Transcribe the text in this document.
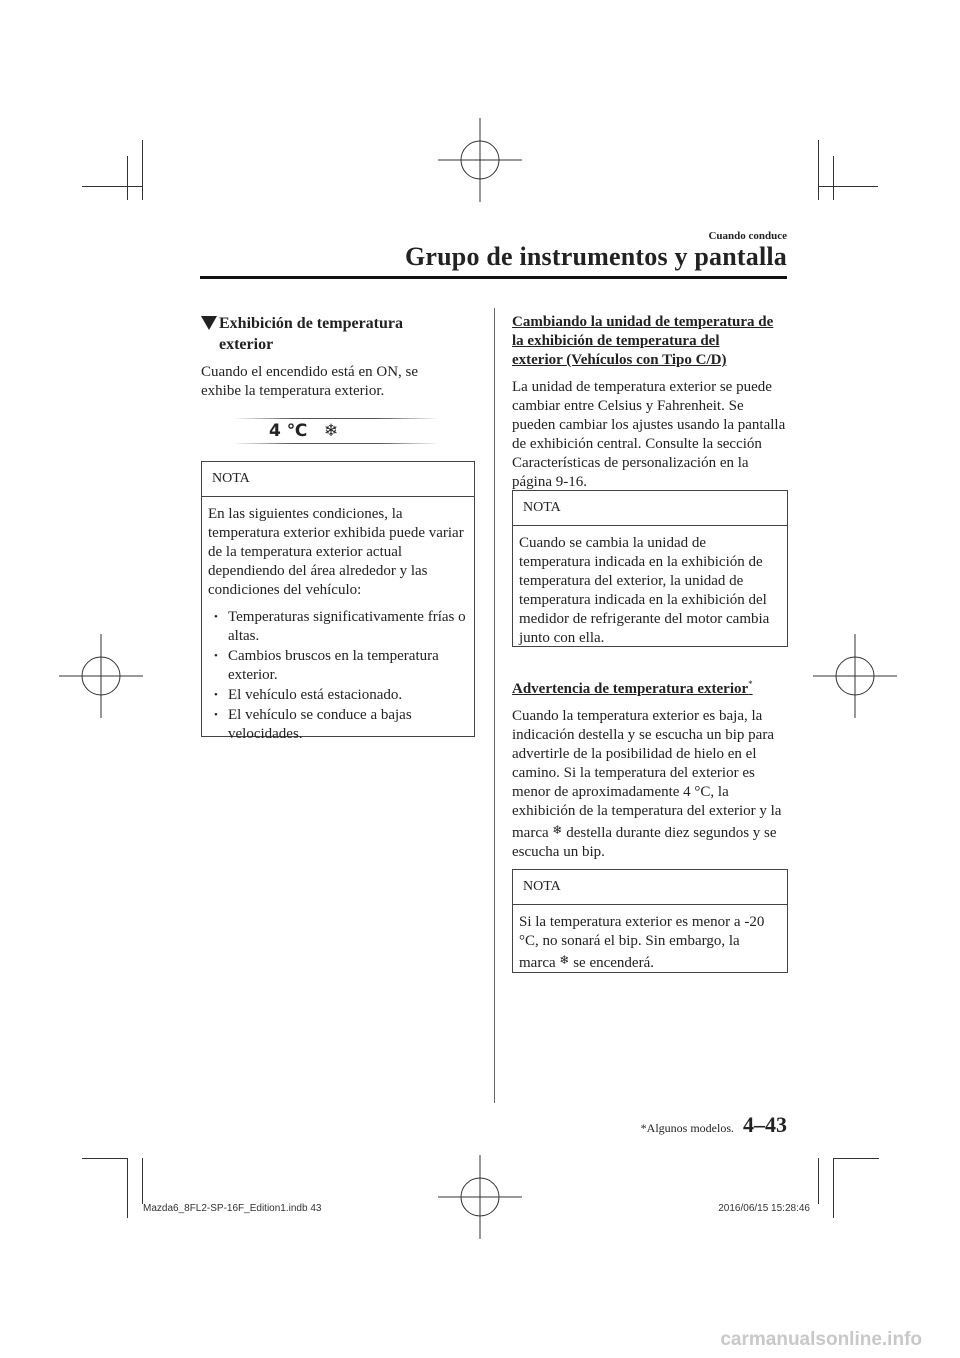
Cuando conduce
Grupo de instrumentos y pantalla
Exhibición de temperatura exterior
Cuando el encendido está en ON, se exhibe la temperatura exterior.
4 ℃ ❄
NOTA
En las siguientes condiciones, la temperatura exterior exhibida puede variar de la temperatura exterior actual dependiendo del área alrededor y las condiciones del vehículo:
• Temperaturas significativamente frías o altas.
• Cambios bruscos en la temperatura exterior.
• El vehículo está estacionado.
• El vehículo se conduce a bajas velocidades.
Cambiando la unidad de temperatura de la exhibición de temperatura del exterior (Vehículos con Tipo C/D)
La unidad de temperatura exterior se puede cambiar entre Celsius y Fahrenheit. Se pueden cambiar los ajustes usando la pantalla de exhibición central. Consulte la sección Características de personalización en la página 9-16.
NOTA
Cuando se cambia la unidad de temperatura indicada en la exhibición de temperatura del exterior, la unidad de temperatura indicada en la exhibición del medidor de refrigerante del motor cambia junto con ella.
Advertencia de temperatura exterior*
Cuando la temperatura exterior es baja, la indicación destella y se escucha un bip para advertirle de la posibilidad de hielo en el camino. Si la temperatura del exterior es menor de aproximadamente 4 °C, la exhibición de la temperatura del exterior y la marca ❄ destella durante diez segundos y se escucha un bip.
NOTA
Si la temperatura exterior es menor a -20 °C, no sonará el bip. Sin embargo, la marca ❄ se encenderá.
*Algunos modelos. 4–43
Mazda6_8FL2-SP-16F_Edition1.indb 43	2016/06/15 15:28:46
carmanualsonline.info
